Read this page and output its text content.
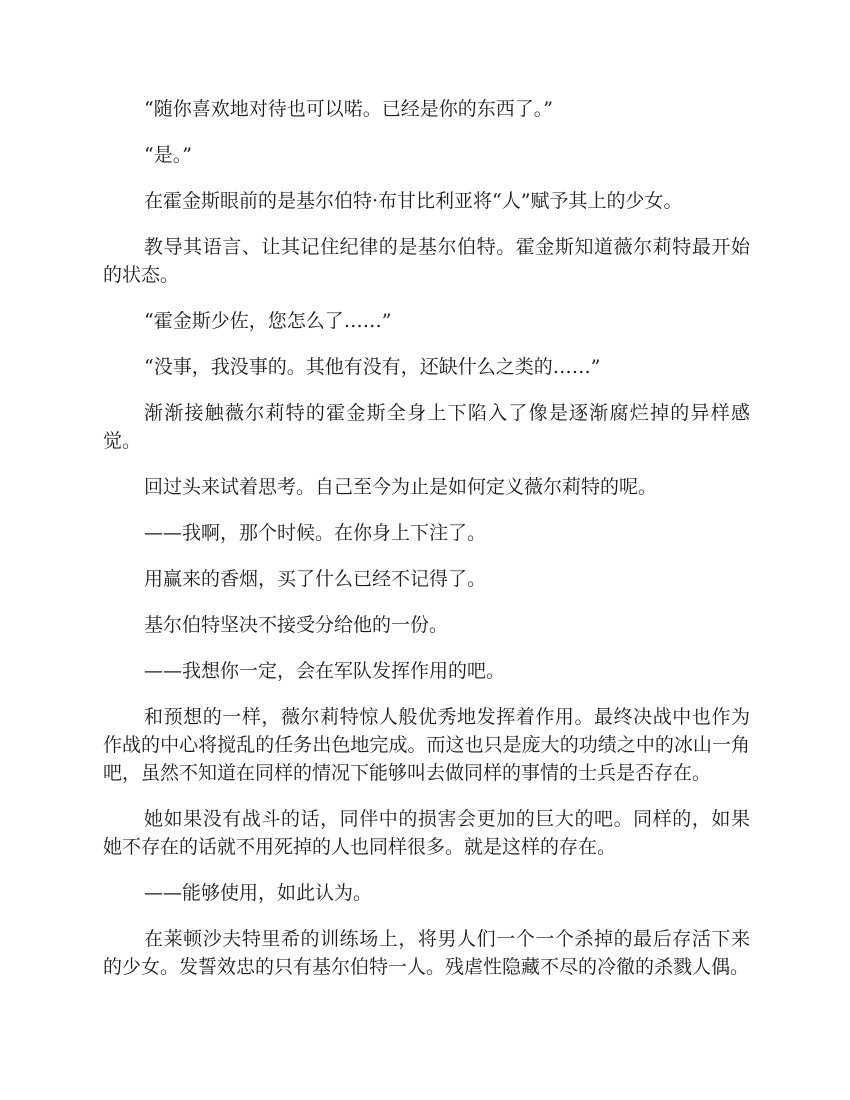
“随你喜欢地对待也可以喏。已经是你的东西了。”

“是。”

在霍金斯眼前的是基尔伯特·布甘比利亚将“人”赋予其上的少女。

教导其语言、让其记住纪律的是基尔伯特。霍金斯知道薇尔莉特最开始的状态。

“霍金斯少佐，您怎么了……”

“没事，我没事的。其他有没有，还缺什么之类的……”

渐渐接触薇尔莉特的霍金斯全身上下陷入了像是逐渐腐烂掉的异样感觉。

回过头来试着思考。自己至今为止是如何定义薇尔莉特的呢。

——我啊，那个时候。在你身上下注了。

用赢来的香烟，买了什么已经不记得了。

基尔伯特坚决不接受分给他的一份。

——我想你一定，会在军队发挥作用的吧。

和预想的一样，薇尔莉特惊人般优秀地发挥着作用。最终决战中也作为作战的中心将搅乱的任务出色地完成。而这也只是庞大的功绩之中的冰山一角吧，虽然不知道在同样的情况下能够叫去做同样的事情的士兵是否存在。

她如果没有战斗的话，同伴中的损害会更加的巨大的吧。同样的，如果她不存在的话就不用死掉的人也同样很多。就是这样的存在。

——能够使用，如此认为。

在莱顿沙夫特里希的训练场上，将男人们一个一个杀掉的最后存活下来的少女。发誓效忠的只有基尔伯特一人。残虐性隐藏不尽的冷徹的杀戮人偶。
